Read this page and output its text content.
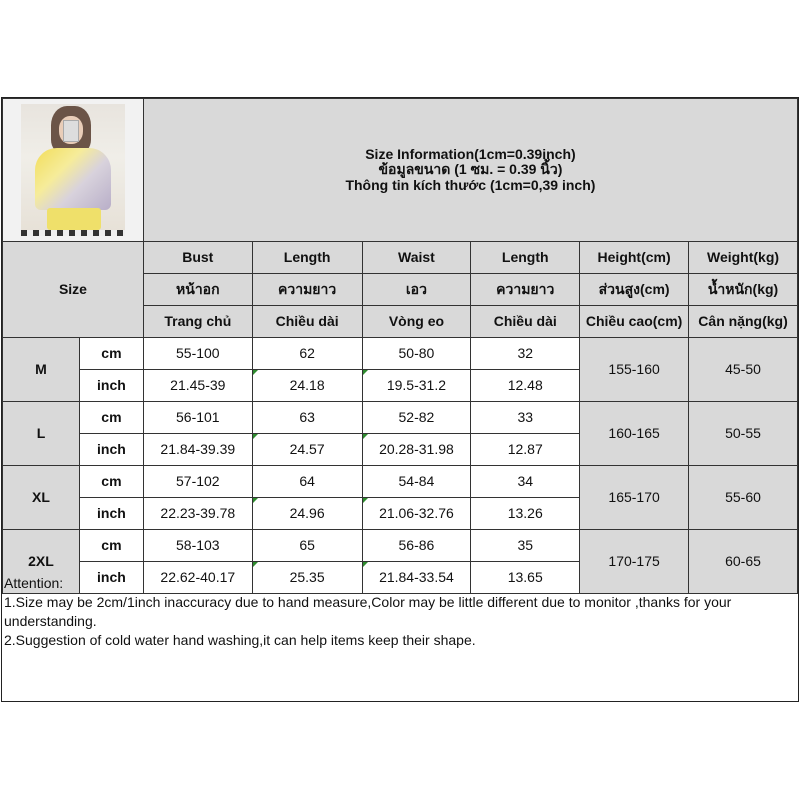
		Size Information(1cm=0.39inch)
ข้อมูลขนาด (1 ซม. = 0.39 นิ้ว)
Thông tin kích thước (1cm=0,39 inch)					

Size		Bust	Length	Waist	Length	Height(cm)	Weight(kg)
		หน้าอก	ความยาว	เอว	ความยาว	ส่วนสูง(cm)	น้ำหนัก(kg)
		Trang chủ	Chiều dài	Vòng eo	Chiều dài	Chiều cao(cm)	Cân nặng(kg)
M	cm	55-100	62	50-80	32	155-160	45-50
	inch	21.45-39	24.18	19.5-31.2	12.48		
L	cm	56-101	63	52-82	33	160-165	50-55
	inch	21.84-39.39	24.57	20.28-31.98	12.87		
XL	cm	57-102	64	54-84	34	165-170	55-60
	inch	22.23-39.78	24.96	21.06-32.76	13.26		
2XL	cm	58-103	65	56-86	35	170-175	60-65
	inch	22.62-40.17	25.35	21.84-33.54	13.65		

Attention:

1.Size may be 2cm/1inch inaccuracy due to hand measure,Color may be little different due to monitor ,thanks for your understanding.

2.Suggestion of cold water hand washing,it can help items keep their shape.
